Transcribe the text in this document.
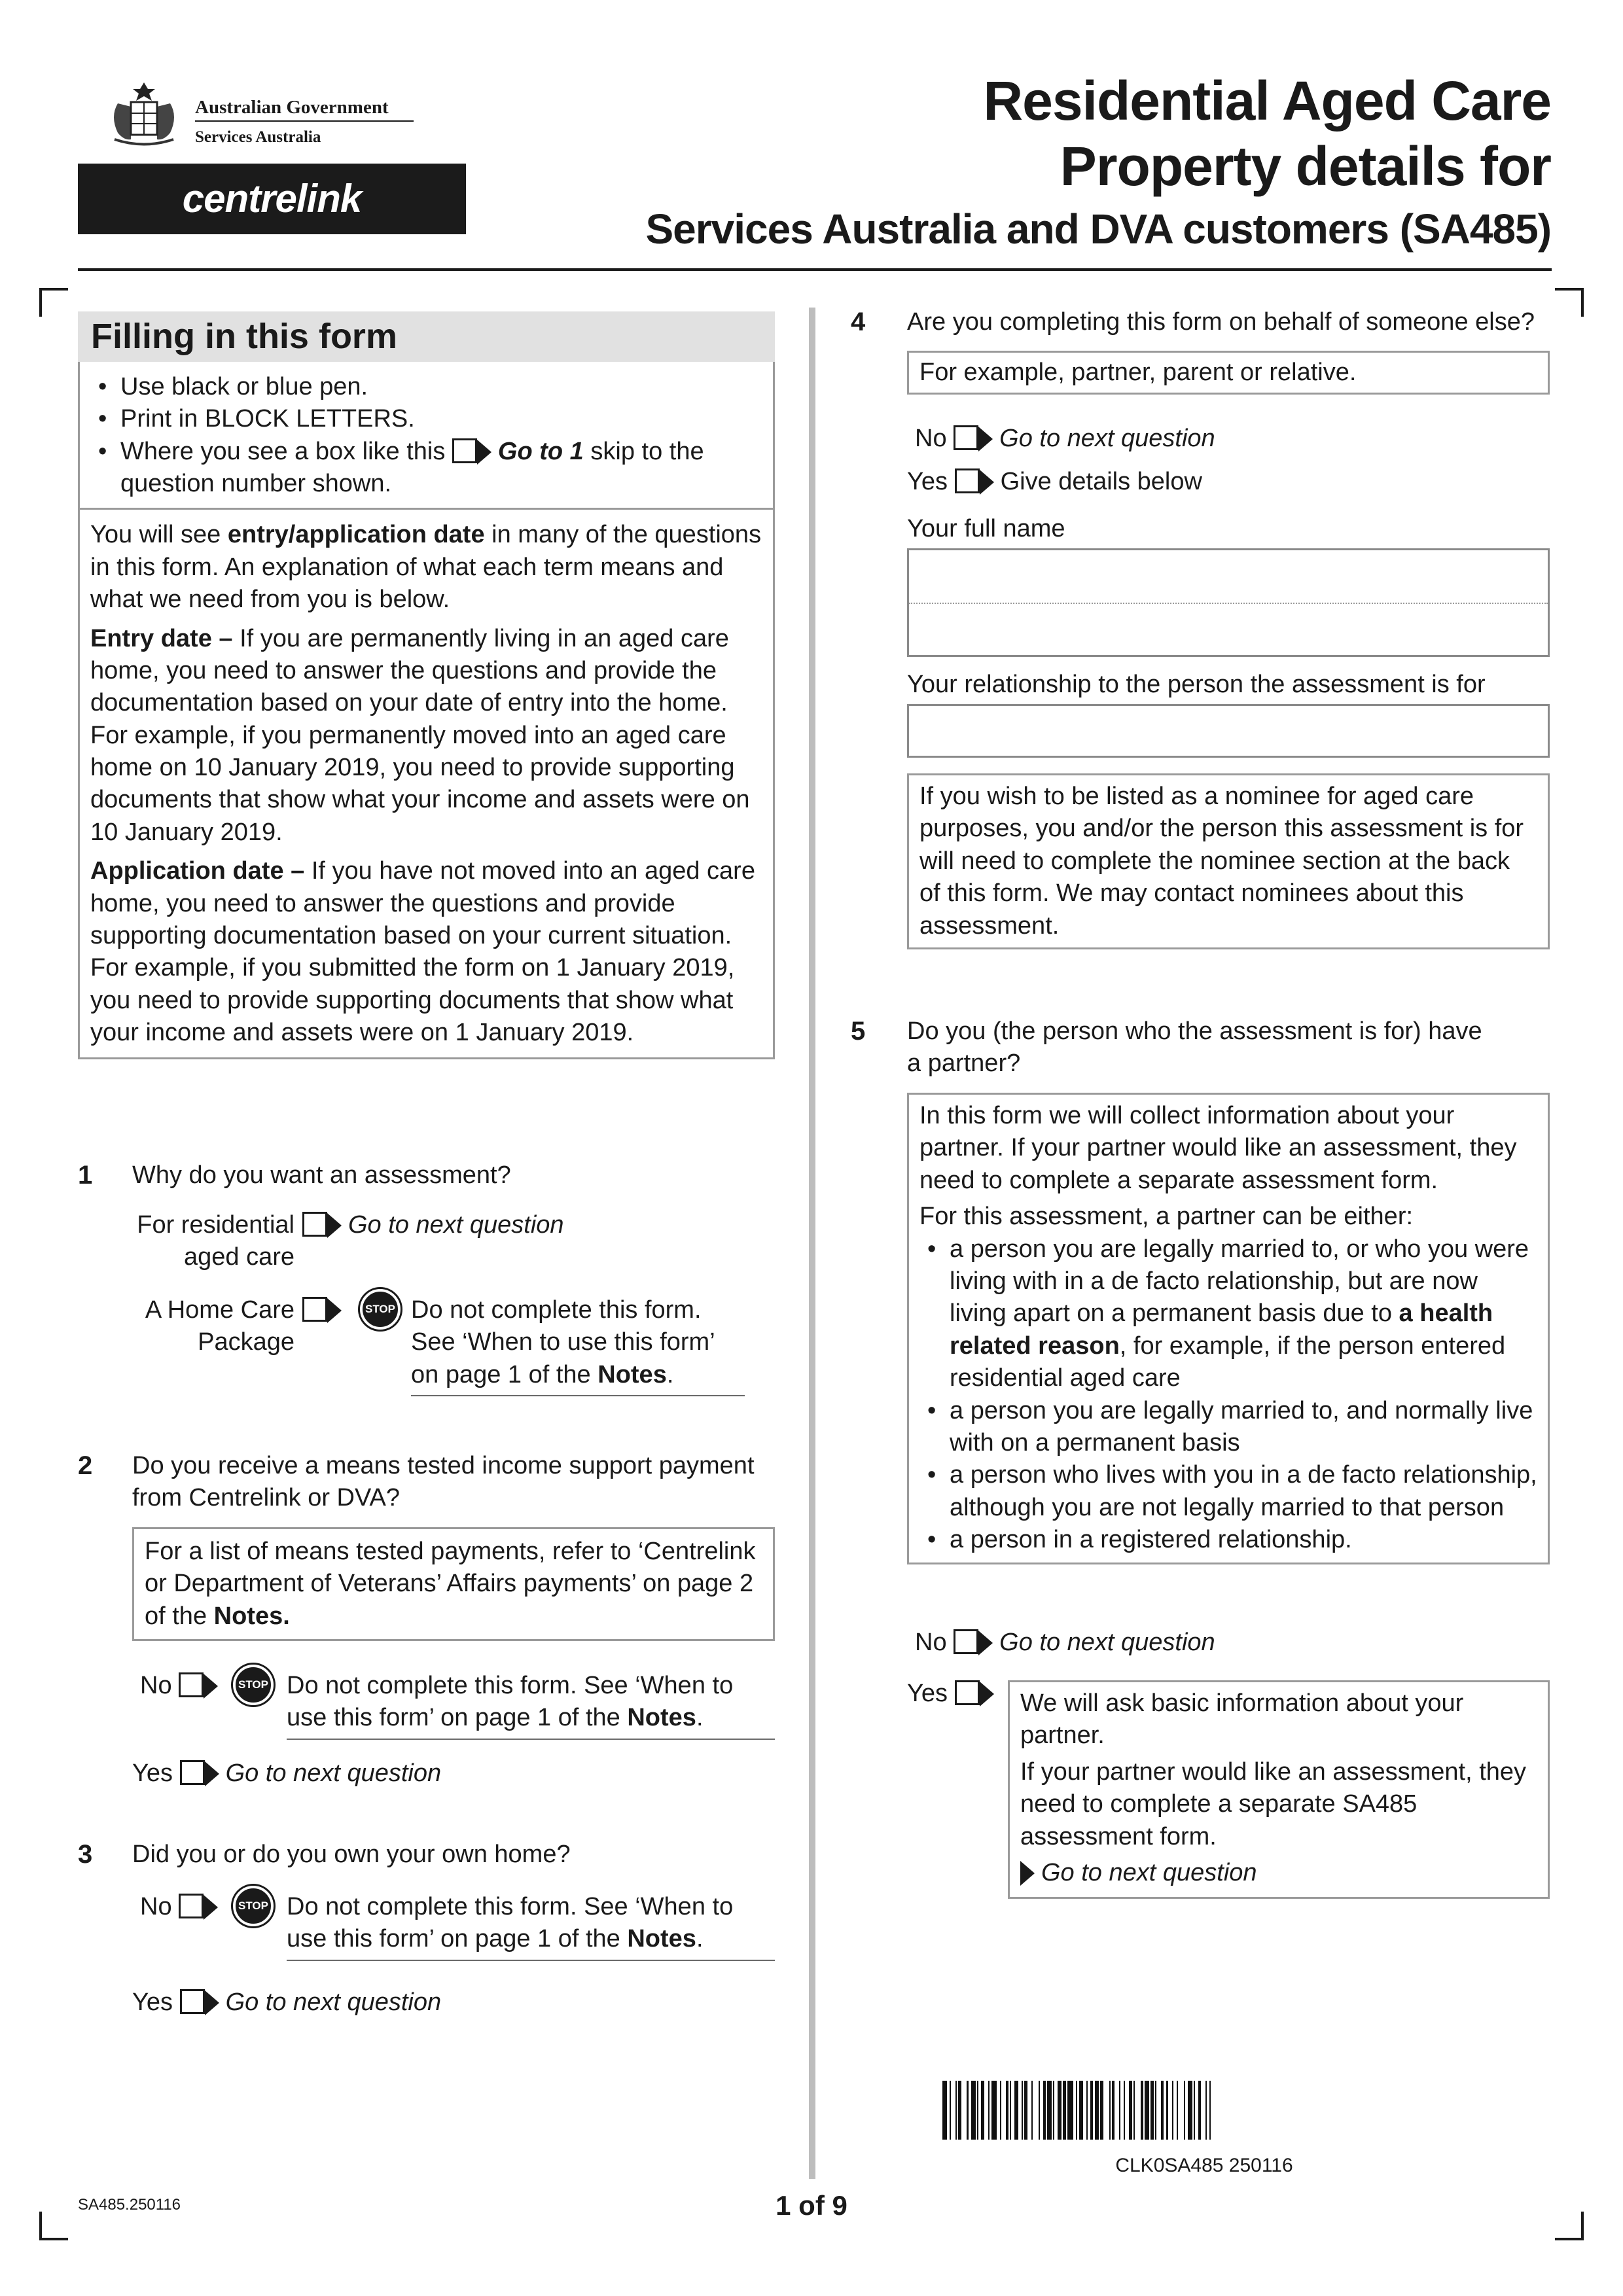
Australian Government
Services Australia
centrelink
Residential Aged Care
Property details for
Services Australia and DVA customers (SA485)
Filling in this form
• Use black or blue pen.
• Print in BLOCK LETTERS.
• Where you see a box like this Go to 1 skip to the
question number shown.

You will see entry/application date in many of the questions in this form. An explanation of what each term means and what we need from you is below.

Entry date – If you are permanently living in an aged care home, you need to answer the questions and provide the documentation based on your date of entry into the home. For example, if you permanently moved into an aged care home on 10 January 2019, you need to provide supporting documents that show what your income and assets were on 10 January 2019.

Application date – If you have not moved into an aged care home, you need to answer the questions and provide supporting documentation based on your current situation. For example, if you submitted the form on 1 January 2019, you need to provide supporting documents that show what your income and assets were on 1 January 2019.

1 Why do you want an assessment?
For residential
aged care
Go to next question
A Home Care
Package
STOP Do not complete this form.
See ‘When to use this form’
on page 1 of the Notes.
2 Do you receive a means tested income support payment from Centrelink or DVA?
For a list of means tested payments, refer to ‘Centrelink or Department of Veterans’ Affairs payments’ on page 2 of the Notes.
No	STOP Do not complete this form. See ‘When to
use this form’ on page 1 of the Notes.
Yes Go to next question
3 Did you or do you own your own home?
No	STOP Do not complete this form. See ‘When to
use this form’ on page 1 of the Notes.
Yes Go to next question
4 Are you completing this form on behalf of someone else?
For example, partner, parent or relative.
No Go to next question
Yes Give details below
Your full name
Your relationship to the person the assessment is for
If you wish to be listed as a nominee for aged care purposes, you and/or the person this assessment is for will need to complete the nominee section at the back of this form. We may contact nominees about this assessment.
5 Do you (the person who the assessment is for) have a partner?

In this form we will collect information about your partner. If your partner would like an assessment, they need to complete a separate assessment form.

For this assessment, a partner can be either:

• a person you are legally married to, or who you were living with in a de facto relationship, but are now living apart on a permanent basis due to a health related reason, for example, if the person entered residential aged care
• a person you are legally married to, and normally live with on a permanent basis
• a person who lives with you in a de facto relationship, although you are not legally married to that person
• a person in a registered relationship.
No Go to next question
Yes	We will ask basic information about your partner.

If your partner would like an assessment, they need to complete a separate SA485 assessment form.

Go to next question
CLK0SA485 250116
SA485.250116	1 of 9
